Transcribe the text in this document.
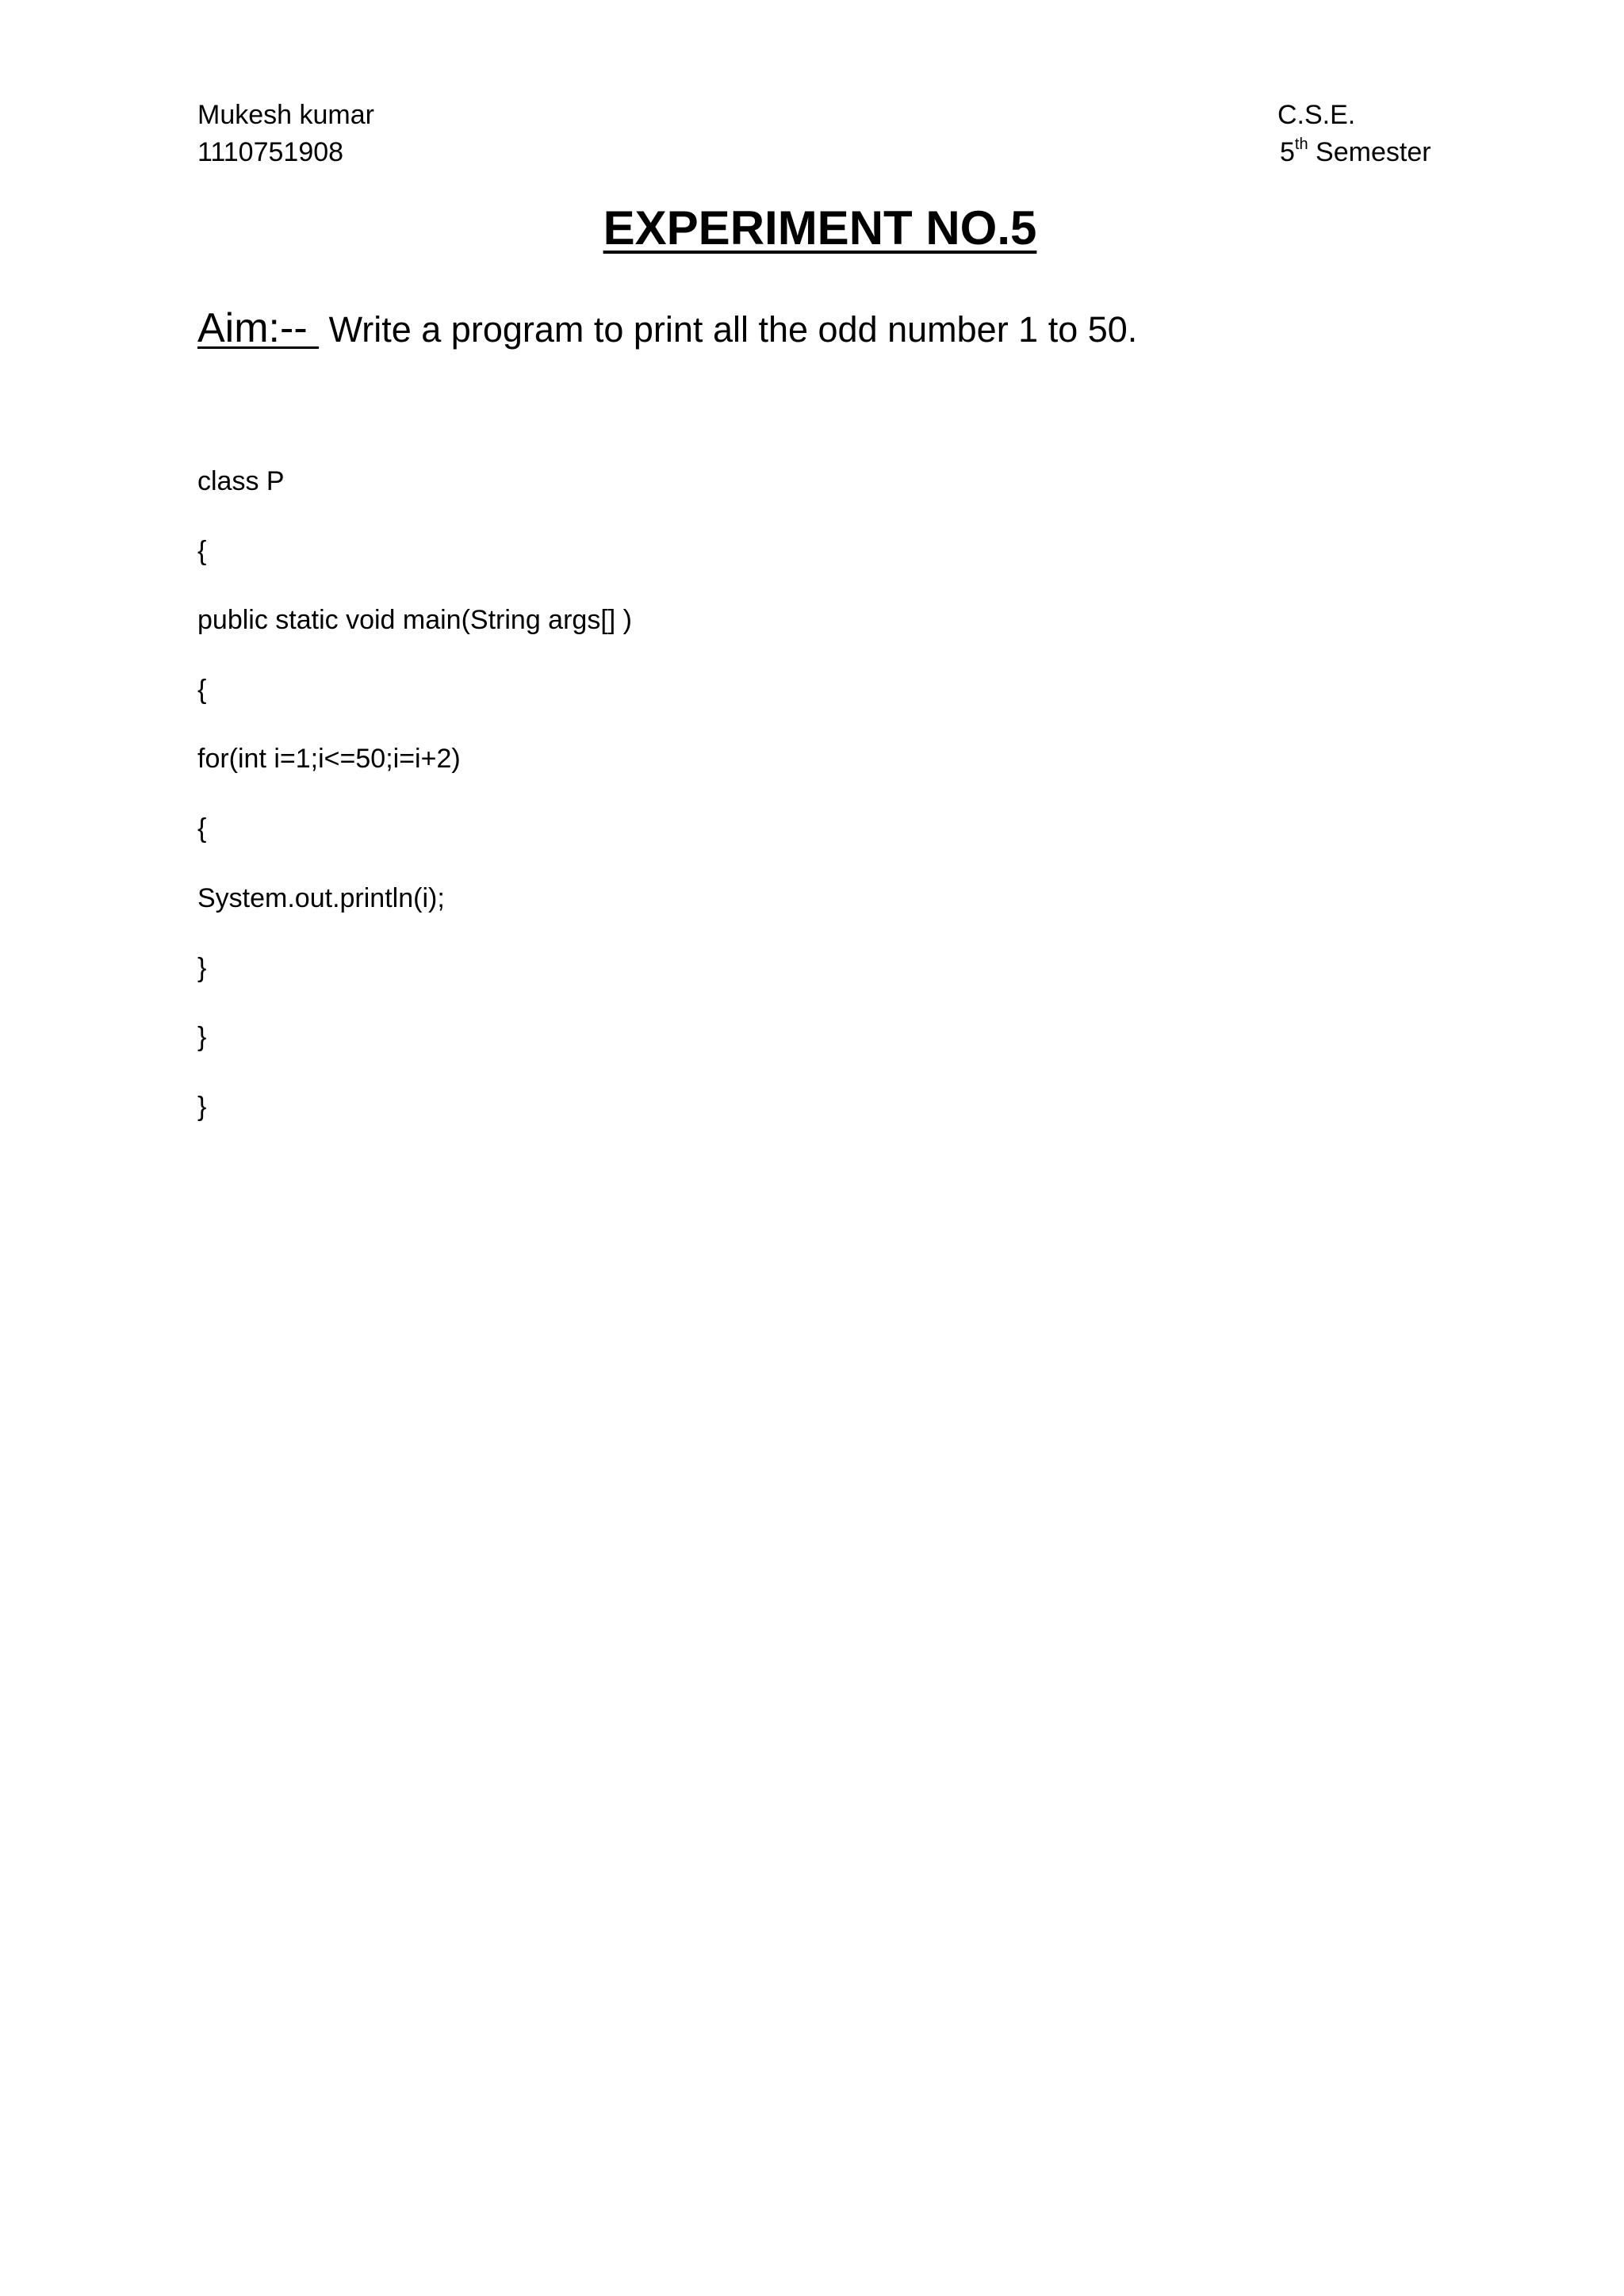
Mukesh kumar
1110751908
C.S.E.
5th Semester
EXPERIMENT NO.5
Aim:--  Write a program to print all the odd number 1 to 50.
class P
{
public static void main(String args[] )
{
for(int i=1;i<=50;i=i+2)
{
System.out.println(i);
}
}
}
